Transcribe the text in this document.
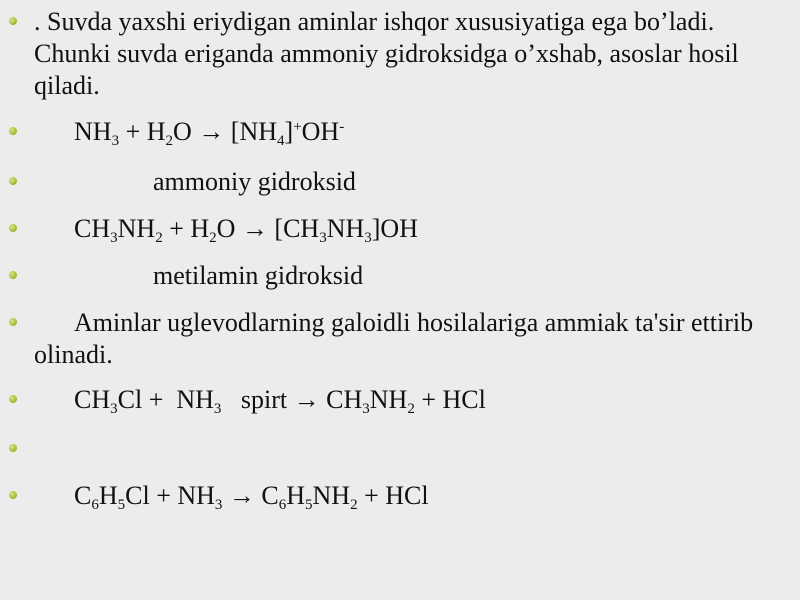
. Suvda yaxshi eriydigan aminlar ishqor xususiyatiga ega bo’ladi. Chunki suvda eriganda ammoniy gidroksidga o’xshab, asoslar hosil qiladi.
$NH_3 + H_2O \to [NH_4]^+OH^-$
ammoniy gidroksid
$CH_3NH_2 + H_2O \to [CH_3NH_3]OH$
metilamin gidroksid
Aminlar uglevodlarning galoidli hosilalariga ammiak ta'sir ettirib olinadi.
$CH_3Cl + NH_3$   spirt → $CH_3NH_2$ + HCl
$C_6H_5Cl + NH_3 \to C_6H_5NH_2$ + HCl
